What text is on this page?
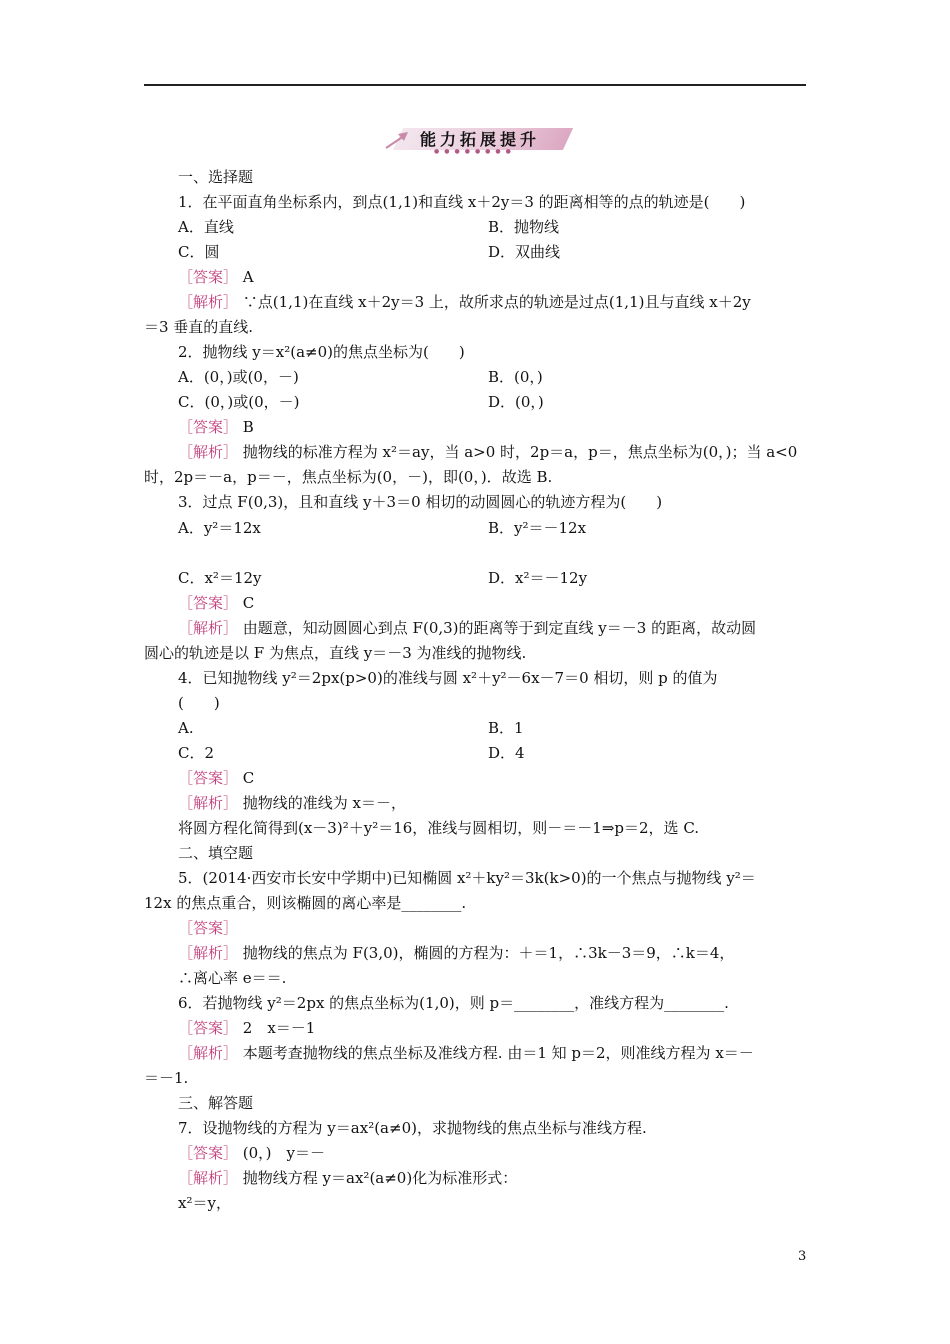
能力拓展提升
●●●●●●●●
一、选择题
1．在平面直角坐标系内，到点(1,1)和直线 x＋2y＝3 的距离相等的点的轨迹是(　　)
A．直线	B．抛物线
C．圆	D．双曲线
［答案］ A
［解析］ ∵点(1,1)在直线 x＋2y＝3 上，故所求点的轨迹是过点(1,1)且与直线 x＋2y
＝3 垂直的直线.
2．抛物线 y＝x²(a≠0)的焦点坐标为(　　)
A．(0，)或(0，－)	B．(0，)
C．(0，)或(0，－)	D．(0，)
［答案］ B
［解析］ 抛物线的标准方程为 x²＝ay，当 a>0 时，2p＝a，p＝，焦点坐标为(0，)；当 a<0
时，2p＝－a，p＝－，焦点坐标为(0，－)，即(0，)．故选 B.
3．过点 F(0,3)，且和直线 y＋3＝0 相切的动圆圆心的轨迹方程为(　　)
A．y²＝12x	B．y²＝－12x
C．x²＝12y	D．x²＝－12y
［答案］ C
［解析］ 由题意，知动圆圆心到点 F(0,3)的距离等于到定直线 y＝－3 的距离，故动圆
圆心的轨迹是以 F 为焦点，直线 y＝－3 为准线的抛物线.
4．已知抛物线 y²＝2px(p>0)的准线与圆 x²＋y²－6x－7＝0 相切，则 p 的值为
(　　)
A.	B．1
C．2	D．4
［答案］ C
［解析］ 抛物线的准线为 x＝－，
将圆方程化简得到(x－3)²＋y²＝16，准线与圆相切，则－＝－1⇒p＝2，选 C.
二、填空题
5．(2014·西安市长安中学期中)已知椭圆 x²＋ky²＝3k(k>0)的一个焦点与抛物线 y²＝
12x 的焦点重合，则该椭圆的离心率是________.
［答案］
［解析］ 抛物线的焦点为 F(3,0)，椭圆的方程为：＋＝1，∴3k－3＝9，∴k＝4，
∴离心率 e＝＝.
6．若抛物线 y²＝2px 的焦点坐标为(1,0)，则 p＝________，准线方程为________.
［答案］ 2　x＝－1
［解析］ 本题考查抛物线的焦点坐标及准线方程. 由＝1 知 p＝2，则准线方程为 x＝－
＝－1.
三、解答题
7．设抛物线的方程为 y＝ax²(a≠0)，求抛物线的焦点坐标与准线方程.
［答案］ (0，)　y＝－
［解析］ 抛物线方程 y＝ax²(a≠0)化为标准形式：
x²＝y，
3
